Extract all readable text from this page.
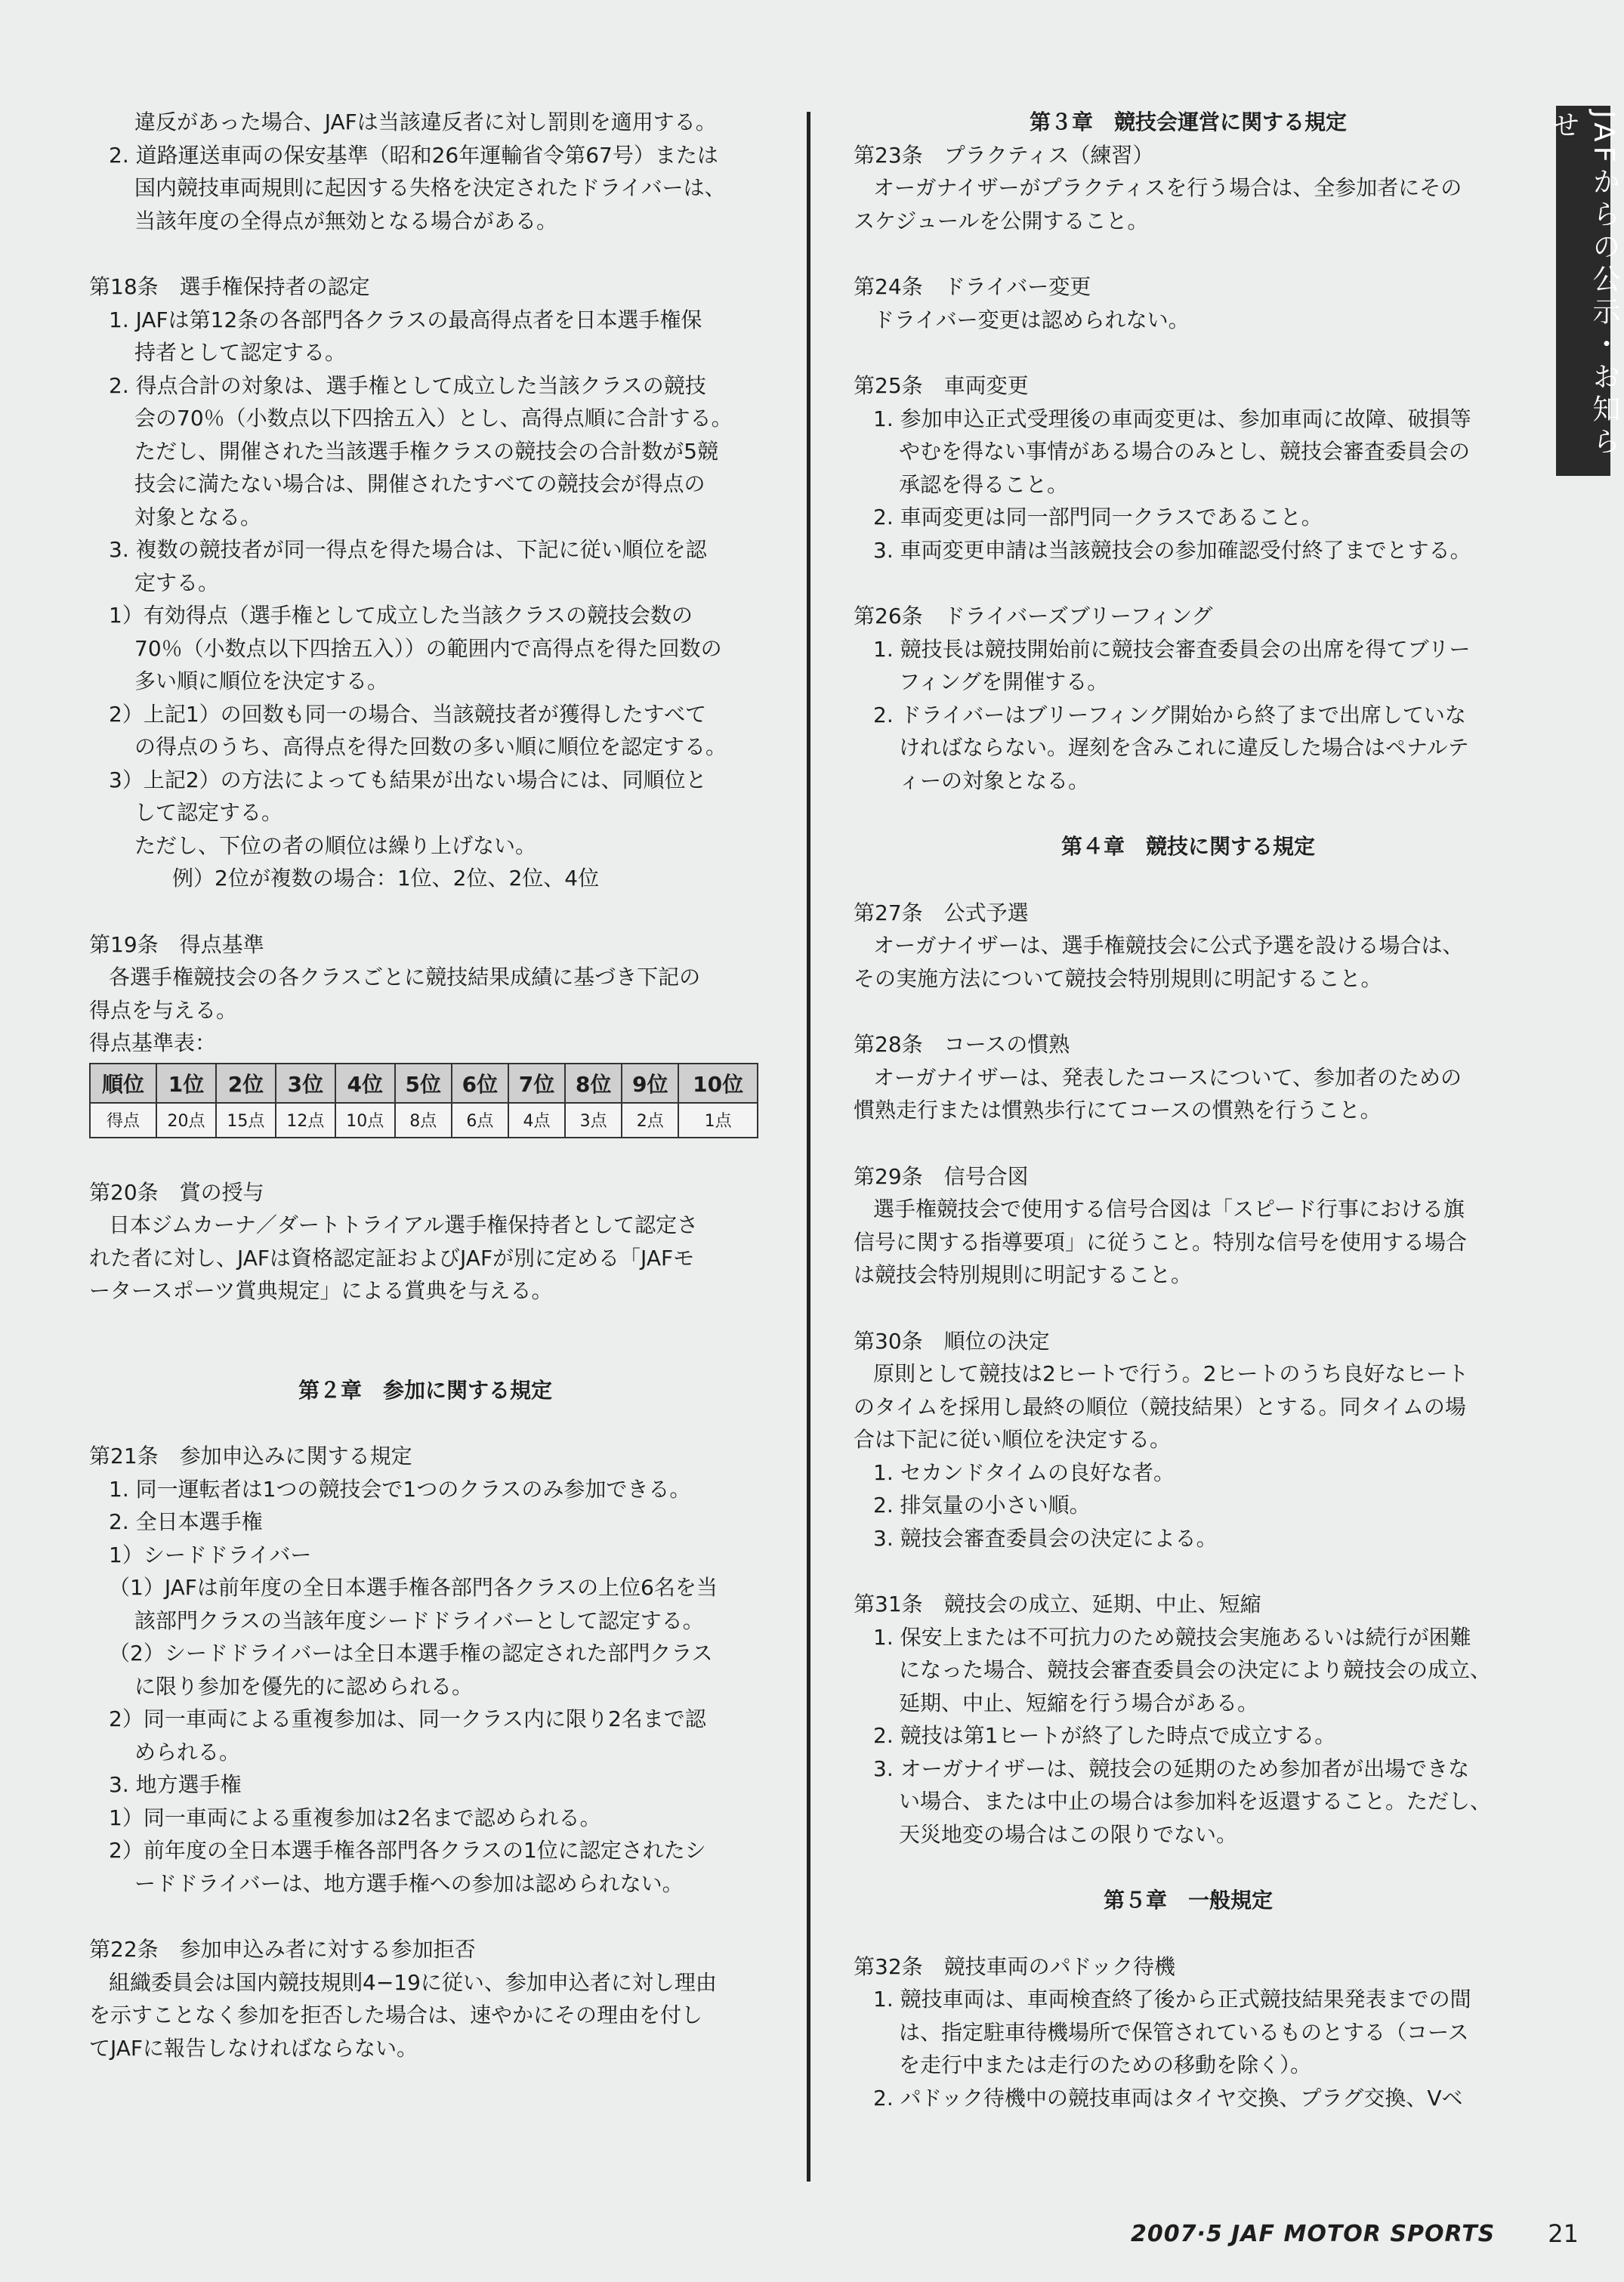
JAFからの公示・お知らせ
違反があった場合、JAFは当該違反者に対し罰則を適用する。
2. 道路運送車両の保安基準（昭和26年運輸省令第67号）または
国内競技車両規則に起因する失格を決定されたドライバーは、
当該年度の全得点が無効となる場合がある。
第18条　選手権保持者の認定
1. JAFは第12条の各部門各クラスの最高得点者を日本選手権保
持者として認定する。
2. 得点合計の対象は、選手権として成立した当該クラスの競技
会の70％（小数点以下四捨五入）とし、高得点順に合計する。
ただし、開催された当該選手権クラスの競技会の合計数が5競
技会に満たない場合は、開催されたすべての競技会が得点の
対象となる。
3. 複数の競技者が同一得点を得た場合は、下記に従い順位を認
定する。
1）有効得点（選手権として成立した当該クラスの競技会数の
70％（小数点以下四捨五入））の範囲内で高得点を得た回数の
多い順に順位を決定する。
2）上記1）の回数も同一の場合、当該競技者が獲得したすべて
の得点のうち、高得点を得た回数の多い順に順位を認定する。
3）上記2）の方法によっても結果が出ない場合には、同順位と
して認定する。
ただし、下位の者の順位は繰り上げない。
例）2位が複数の場合：1位、2位、2位、4位
第19条　得点基準
各選手権競技会の各クラスごとに競技結果成績に基づき下記の
得点を与える。
得点基準表：
順位	1位	2位	3位	4位	5位	6位	7位	8位	9位	10位
得点	20点	15点	12点	10点	8点	6点	4点	3点	2点	1点
第20条　賞の授与
日本ジムカーナ／ダートトライアル選手権保持者として認定さ
れた者に対し、JAFは資格認定証およびJAFが別に定める「JAFモ
ータースポーツ賞典規定」による賞典を与える。
第２章　参加に関する規定
第21条　参加申込みに関する規定
1. 同一運転者は1つの競技会で1つのクラスのみ参加できる。
2. 全日本選手権
1）シードドライバー
（1）JAFは前年度の全日本選手権各部門各クラスの上位6名を当
該部門クラスの当該年度シードドライバーとして認定する。
（2）シードドライバーは全日本選手権の認定された部門クラス
に限り参加を優先的に認められる。
2）同一車両による重複参加は、同一クラス内に限り2名まで認
められる。
3. 地方選手権
1）同一車両による重複参加は2名まで認められる。
2）前年度の全日本選手権各部門各クラスの1位に認定されたシ
ードドライバーは、地方選手権への参加は認められない。
第22条　参加申込み者に対する参加拒否
組織委員会は国内競技規則4−19に従い、参加申込者に対し理由
を示すことなく参加を拒否した場合は、速やかにその理由を付し
てJAFに報告しなければならない。
第３章　競技会運営に関する規定
第23条　プラクティス（練習）
オーガナイザーがプラクティスを行う場合は、全参加者にその
スケジュールを公開すること。
第24条　ドライバー変更
ドライバー変更は認められない。
第25条　車両変更
1. 参加申込正式受理後の車両変更は、参加車両に故障、破損等
やむを得ない事情がある場合のみとし、競技会審査委員会の
承認を得ること。
2. 車両変更は同一部門同一クラスであること。
3. 車両変更申請は当該競技会の参加確認受付終了までとする。
第26条　ドライバーズブリーフィング
1. 競技長は競技開始前に競技会審査委員会の出席を得てブリー
フィングを開催する。
2. ドライバーはブリーフィング開始から終了まで出席していな
ければならない。遅刻を含みこれに違反した場合はペナルテ
ィーの対象となる。
第４章　競技に関する規定
第27条　公式予選
オーガナイザーは、選手権競技会に公式予選を設ける場合は、
その実施方法について競技会特別規則に明記すること。
第28条　コースの慣熟
オーガナイザーは、発表したコースについて、参加者のための
慣熟走行または慣熟歩行にてコースの慣熟を行うこと。
第29条　信号合図
選手権競技会で使用する信号合図は「スピード行事における旗
信号に関する指導要項」に従うこと。特別な信号を使用する場合
は競技会特別規則に明記すること。
第30条　順位の決定
原則として競技は2ヒートで行う。2ヒートのうち良好なヒート
のタイムを採用し最終の順位（競技結果）とする。同タイムの場
合は下記に従い順位を決定する。
1. セカンドタイムの良好な者。
2. 排気量の小さい順。
3. 競技会審査委員会の決定による。
第31条　競技会の成立、延期、中止、短縮
1. 保安上または不可抗力のため競技会実施あるいは続行が困難
になった場合、競技会審査委員会の決定により競技会の成立、
延期、中止、短縮を行う場合がある。
2. 競技は第1ヒートが終了した時点で成立する。
3. オーガナイザーは、競技会の延期のため参加者が出場できな
い場合、または中止の場合は参加料を返還すること。ただし、
天災地変の場合はこの限りでない。
第５章　一般規定
第32条　競技車両のパドック待機
1. 競技車両は、車両検査終了後から正式競技結果発表までの間
は、指定駐車待機場所で保管されているものとする（コース
を走行中または走行のための移動を除く）。
2. パドック待機中の競技車両はタイヤ交換、プラグ交換、Vベ
2007·5 JAF MOTOR SPORTS 21
